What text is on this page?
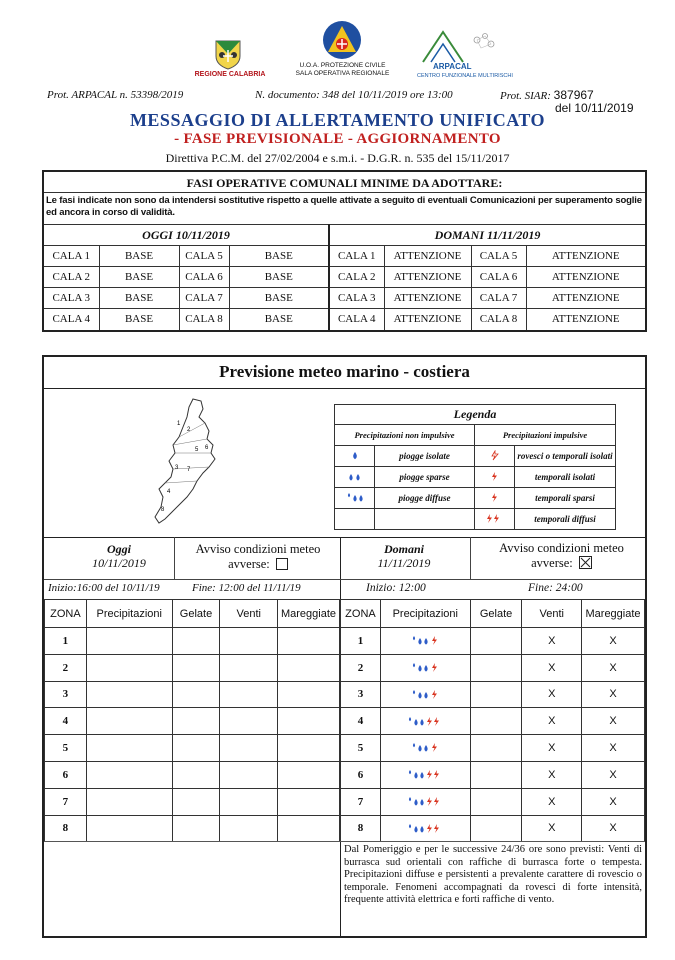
REGIONE CALABRIA
U.O.A. PROTEZIONE CIVILE
SALA OPERATIVA REGIONALE
ARPACAL
CENTRO FUNZIONALE MULTIRISCHI
Prot. ARPACAL n. 53398/2019	N. documento: 348 del 10/11/2019 ore 13:00	Prot. SIAR: 387967
del 10/11/2019
MESSAGGIO DI ALLERTAMENTO UNIFICATO
- FASE PREVISIONALE - AGGIORNAMENTO
Direttiva P.C.M. del 27/02/2004 e s.m.i. - D.G.R. n. 535 del 15/11/2017
FASI OPERATIVE COMUNALI MINIME DA ADOTTARE:
Le fasi indicate non sono da intendersi sostitutive rispetto a quelle attivate a seguito di eventuali Comunicazioni per superamento soglie ed ancora in corso di validità.
OGGI 10/11/2019				DOMANI 11/11/2019			
CALA 1	BASE	CALA 5	BASE	CALA 1	ATTENZIONE	CALA 5	ATTENZIONE
CALA 2	BASE	CALA 6	BASE	CALA 2	ATTENZIONE	CALA 6	ATTENZIONE
CALA 3	BASE	CALA 7	BASE	CALA 3	ATTENZIONE	CALA 7	ATTENZIONE
CALA 4	BASE	CALA 8	BASE	CALA 4	ATTENZIONE	CALA 8	ATTENZIONE
Previsione meteo marino - costiera
1
2
3
4
5 6
7
8
Legenda			
Precipitazioni non impulsive		Precipitazioni impulsive	
	piogge isolate		rovesci o temporali isolati
	piogge sparse		temporali isolati
	piogge diffuse		temporali sparsi
			temporali diffusi
Oggi
10/11/2019
Avviso condizioni meteo avverse:
Inizio:16:00 del 10/11/19	Fine: 12:00 del 11/11/19
Domani
11/11/2019
Avviso condizioni meteo avverse:
Inizio: 12:00	Fine: 24:00
ZONA	Precipitazioni	Gelate	Venti	Mareggiate
1				
2				
3				
4				
5				
6				
7				
8				
ZONA	Precipitazioni	Gelate	Venti	Mareggiate
1			X	X
2			X	X
3			X	X
4			X	X
5			X	X
6			X	X
7			X	X
8			X	X
Dal Pomeriggio e per le successive 24/36 ore sono previsti: Venti di burrasca sud orientali con raffiche di burrasca forte o tempesta. Precipitazioni diffuse e persistenti a prevalente carattere di rovescio o temporale. Fenomeni accompagnati da rovesci di forte intensità, frequente attività elettrica e forti raffiche di vento.
